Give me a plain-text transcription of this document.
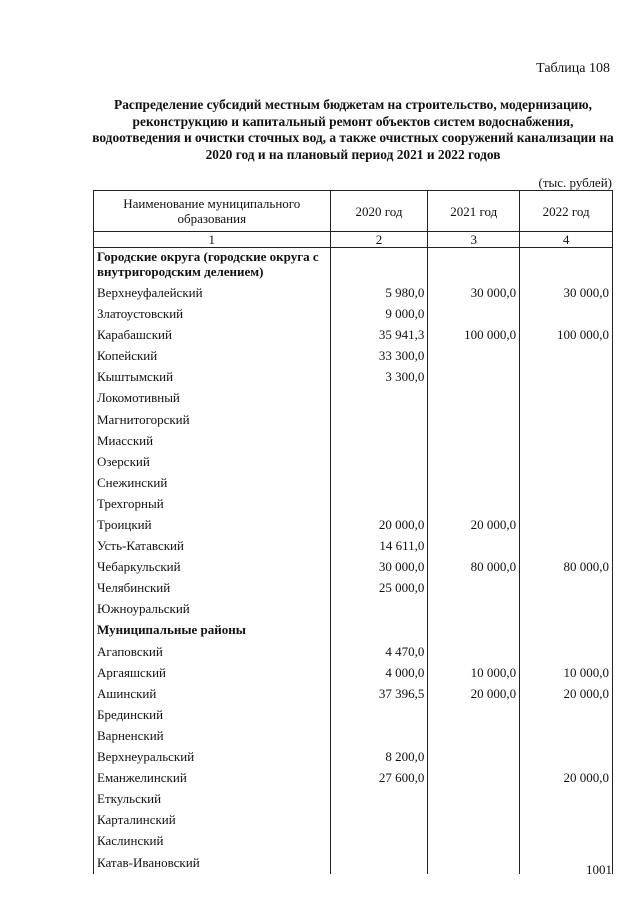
Таблица 108
Распределение субсидий местным бюджетам на строительство, модернизацию, реконструкцию и капитальный ремонт объектов систем водоснабжения, водоотведения и очистки сточных вод, а также очистных сооружений канализации на 2020 год и на плановый период 2021 и 2022 годов
(тыс. рублей)
Наименование муниципального образования	2020 год	2021 год	2022 год
1	2	3	4
Городские округа (городские округа с внутригородским делением)			
Верхнеуфалейский	5 980,0	30 000,0	30 000,0
Златоустовский	9 000,0		
Карабашский	35 941,3	100 000,0	100 000,0
Копейский	33 300,0		
Кыштымский	3 300,0		
Локомотивный			
Магнитогорский			
Миасский			
Озерский			
Снежинский			
Трехгорный			
Троицкий	20 000,0	20 000,0	
Усть-Катавский	14 611,0		
Чебаркульский	30 000,0	80 000,0	80 000,0
Челябинский	25 000,0		
Южноуральский			
Муниципальные районы			
Агаповский	4 470,0		
Аргаяшский	4 000,0	10 000,0	10 000,0
Ашинский	37 396,5	20 000,0	20 000,0
Брединский			
Варненский			
Верхнеуральский	8 200,0		
Еманжелинский	27 600,0		20 000,0
Еткульский			
Карталинский			
Каслинский			
Катав-Ивановский				1001
